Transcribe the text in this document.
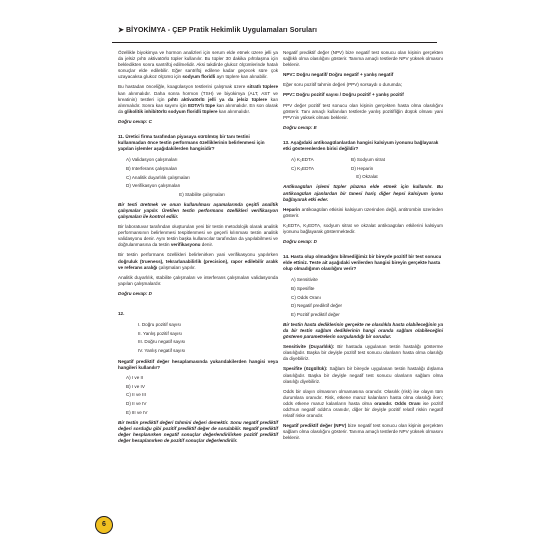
➤ BİYOKİMYA - ÇEP Pratik Hekimlik Uygulamaları Soruları

Özellikle biyokimya ve hormon analizleri için serum elde etmek üzere jelli ya da jelsiz pıhtı aktivatörlü tüpler kullanılır. Bu tüpler 30 dakika pıhtılaşma için bekledikten sonra santrifüj edilmelidir. Aksi takdirde glukoz ölçümlerinde hatalı sonuçlar elde edilebilir. Eğer santrifüj edilene kadar geçecek süre çok uzayacaksa glukoz ölçümü için sodyum floridli ayrı tüplere kan alınabilir.

Bu hastadan önceliğle, koagülasyon testlerini çalışmak üzere sitratlı tüplere kan alınmalıdır. Daha sonra hormon (TSH) ve biyokimya (ALT, AST ve kreatinin) testleri için pıhtı aktivatörlü jelli ya da jelsiz tüplere kan alınmalıdır. Sonra kan sayımı için EDTA'lı tüpe kan alınmalıdır. En son olarak da glikolitik inhibitörlü sodyum floridli tüplere kan alınmalıdır.

Doğru cevap: C
11. Üretici firma tarafından piyasaya sürülmüş bir tanı testini kullanmadan önce testin performans özelliklerinin belirlenmesi için yapılan işlemler aşağıdakilerden hangisidir?
A) Validasyon çalışmaları
B) Interferans çalışmaları
C) Analitik duyarlılık çalışmaları
D) Verifikasyon çalışmaları
E) Stabilite çalışmaları

Bir testi üretmek ve onun kullanılması aşamalarında çeşitli analitik çalışmalar yapılır. Üretilen testin performans özellikleri verifikasyon çalışmaları ile kontrol edilir.

Bir laboratuvar tarafından oluşturulan yeni bir testin metodolojik olarak analitik performansının belirlenmesi tespitlenmesi ve geçerli kılınması testin analitik validasyonu denir. Aynı testin başka kullanıcılar tarafından da yapılabilmesi ve doğrulanmasına da testin verifikasyonu denir.

Bir testin performans özellikleri belirlenirken yani verifikasyonu yapılırken doğruluk (trueness), tekrarlanabilirlik (precision), rapor edilebilir aralık ve referans aralığı çalışmaları yapılır.

Analitik duyarlılık, stabilite çalışmaları ve interferans çalışmaları validasyonda yapılan çalışmalardır.

Doğru cevap: D
12.
I. Doğru pozitif sayısı
II. Yanlış pozitif sayısı
III. Doğru negatif sayısı
IV. Yanlış negatif sayısı

Negatif prediktif değer hesaplamasında yukarıdakilerden hangisi veya hangileri kullanılır?

A) I ve II
B) I ve IV
C) II ve III
D) II ve IV
E) III ve IV

Bir testin prediktif değeri tahmini değeri demektir. Sonu negatif prediktif değeri sorduğu gibi pozitif prediktif değer de sorulabilir. Negatif prediktif değer hesplanırken negatif sonuçlar değerlendirilirken pozitif prediktif değer hesaplanırken de pozitif sonuçlar değerlendirilir.

Negatif prediktif değer (NPV) bize negatif test sonucu olan kişinin gerçekten sağlıklı olma olasılığını gösterir. Tanıma amaçlı testlerde NPV yüksek olmasını beklenir.

NPV= Doğru negatif/ Doğru negatif + yanlış negatif

Eğer soru pozitif tahmin değeri (PPV) sorsaydı o durumda;

PPV= Doğru pozitif sayısı / Doğru pozitif + yanlış pozitif

PPV değer pozitif test sonucu olan kişinin gerçekten hasta olma olasılığını gösterir. Tanı amaçlı kullanılan testlerde yanlış pozitifliğin düşük olması yani PPV'nin yüksek olması beklenir.

Doğru cevap: E
13. Aşağıdaki antikoagülanlardan hangisi kalsiyum iyonunu bağlayarak etki gösterenlerden birisi değildir?
A) K₂EDTA	B) Sodyum sitrat
C) K₃EDTA	D) Heparin
E) Okzalat

Antikoagülan işlemi tüpler plazma elde etmek için kullanılır. Bu antikoagülan ajanlardan bir tanesi hariç diğer hepsi kalsiyum iyonu bağlayarak etki eder.

Heparin antikoagülan etkisini kalsiyum üzerinden değil, antitrombin üzerinden gösterir.

K₂EDTA, K₃EDTA, sodyum sitrat ve okzalat antikoagülan etkilerini kalsiyum iyonunu bağlayarak göstermektedir.

Doğru cevap: D
14. Hasta olup olmadığını bilmediğimiz bir bireyde pozitif bir test sonucu elde ettiniz. Teste ait aşağıdaki verilerden hangisi bireyin gerçekte hasta olup olmadığının olasılığını verir?
A) Sensitivite
B) Spesifite
C) Odds Oranı
D) Negatif prediktif değer
E) Pozitif prediktif değer

Bir testin hasta dediklerinin gerçekte ne olasılıkla hasta olabileceğinin ya da bir testin sağlam dediklerinin hangi oranda sağlam olabileceğini gösteren parametrelerin sorgulandığı bir sorudur.

Sensitivite (Duyarlılık): Bir hastada uygulanan testin hastalığı gösterme olasılığıdır. Başka bir deyişle pozitif test sonucu olanların hasta olma olasılığı da diyebiliriz.

Spesifite (özgüllük): Sağlam bir bireyde uygulanan testin hastalığı dışlama olasılığıdır. Başka bir deyişle negatif test sonucu olanların sağlam olma olasılığı diyebiliriz.

Odds bir olayın olmasının olmamasına oranıdır. Olasılık (risk) ise olayın tüm durumlara oranıdır. Risk, etkene maruz kalanların hasta olma olasılığı iken; odds etkene maruz kalanların hasta olma oranıdır. Odds Oranı ise pozitif odd'nun negatif odds'a oranıdır, diğer bir deyişle pozitif relatif riskin negatif relatif riske oranıdır.

Negatif prediktif değer (NPV) bize negatif test sonucu olan kişinin gerçekten sağlam olma olasılığını gösterir. Tanıma amaçlı testlerde NPV yüksek olmasını beklenir.

6
